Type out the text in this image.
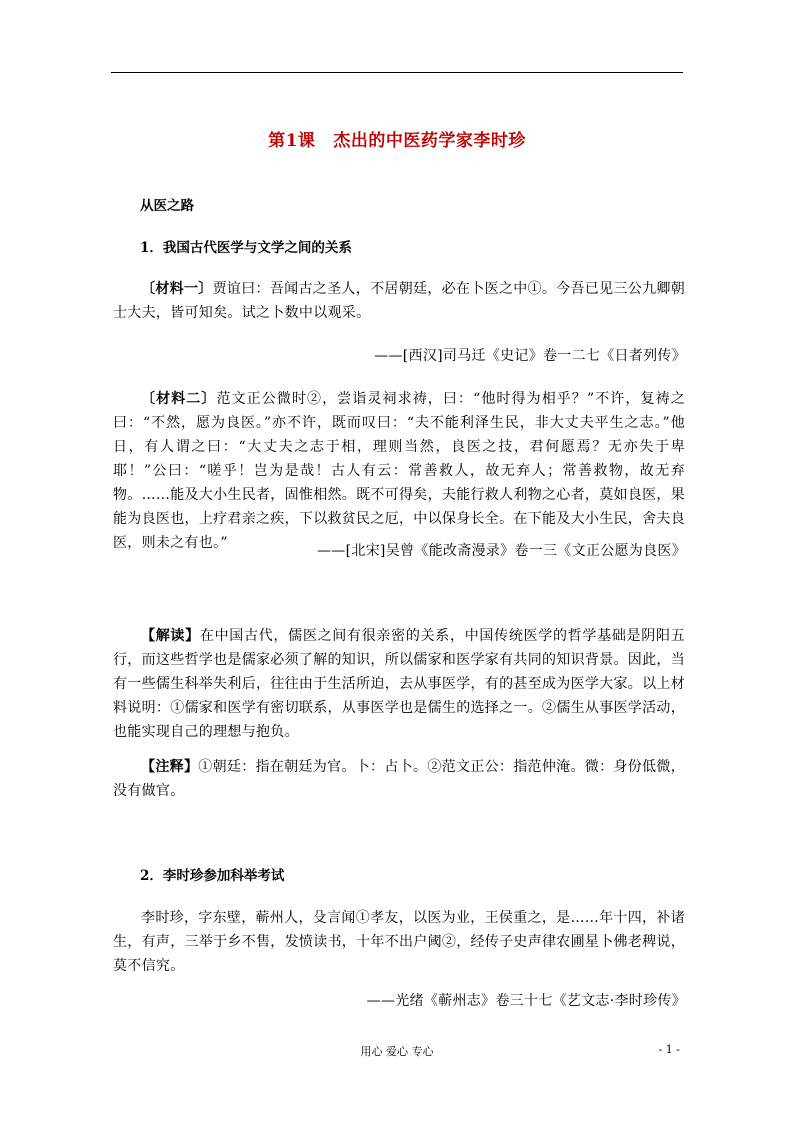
第1课 杰出的中医药学家李时珍
从医之路
1．我国古代医学与文学之间的关系

〔材料一〕贾谊曰：吾闻古之圣人，不居朝廷，必在卜医之中①。今吾已见三公九卿朝士大夫，皆可知矣。试之卜数中以观采。

——[西汉]司马迁《史记》卷一二七《日者列传》

〔材料二〕范文正公微时②，尝诣灵祠求祷，曰：“他时得为相乎？”不许，复祷之曰：“不然，愿为良医。”亦不许，既而叹曰：“夫不能利泽生民，非大丈夫平生之志。”他日，有人谓之曰：“大丈夫之志于相，理则当然，良医之技，君何愿焉？无亦失于卑耶！”公曰：“嗟乎！岂为是哉！古人有云：常善救人，故无弃人；常善救物，故无弃物。……能及大小生民者，固惟相然。既不可得矣，夫能行救人利物之心者，莫如良医，果能为良医也，上疗君亲之疾，下以救贫民之厄，中以保身长全。在下能及大小生民，舍夫良医，则未之有也。”	——[北宋]吴曾《能改斋漫录》卷一三《文正公愿为良医》

【解读】在中国古代，儒医之间有很亲密的关系，中国传统医学的哲学基础是阴阳五行，而这些哲学也是儒家必须了解的知识，所以儒家和医学家有共同的知识背景。因此，当有一些儒生科举失利后，往往由于生活所迫，去从事医学，有的甚至成为医学大家。以上材料说明：①儒家和医学有密切联系，从事医学也是儒生的选择之一。②儒生从事医学活动，也能实现自己的理想与抱负。

【注释】①朝廷：指在朝廷为官。卜：占卜。②范文正公：指范仲淹。微：身份低微，没有做官。

2．李时珍参加科举考试

李时珍，字东壁，蕲州人，殳言闻①孝友，以医为业，王侯重之，是……年十四，补诸生，有声，三举于乡不售，发愤读书，十年不出户阈②，经传子史声律农圃星卜佛老稗说，莫不信究。

——光绪《蕲州志》卷三十七《艺文志·李时珍传》
用心 爱心 专心	- 1 -
